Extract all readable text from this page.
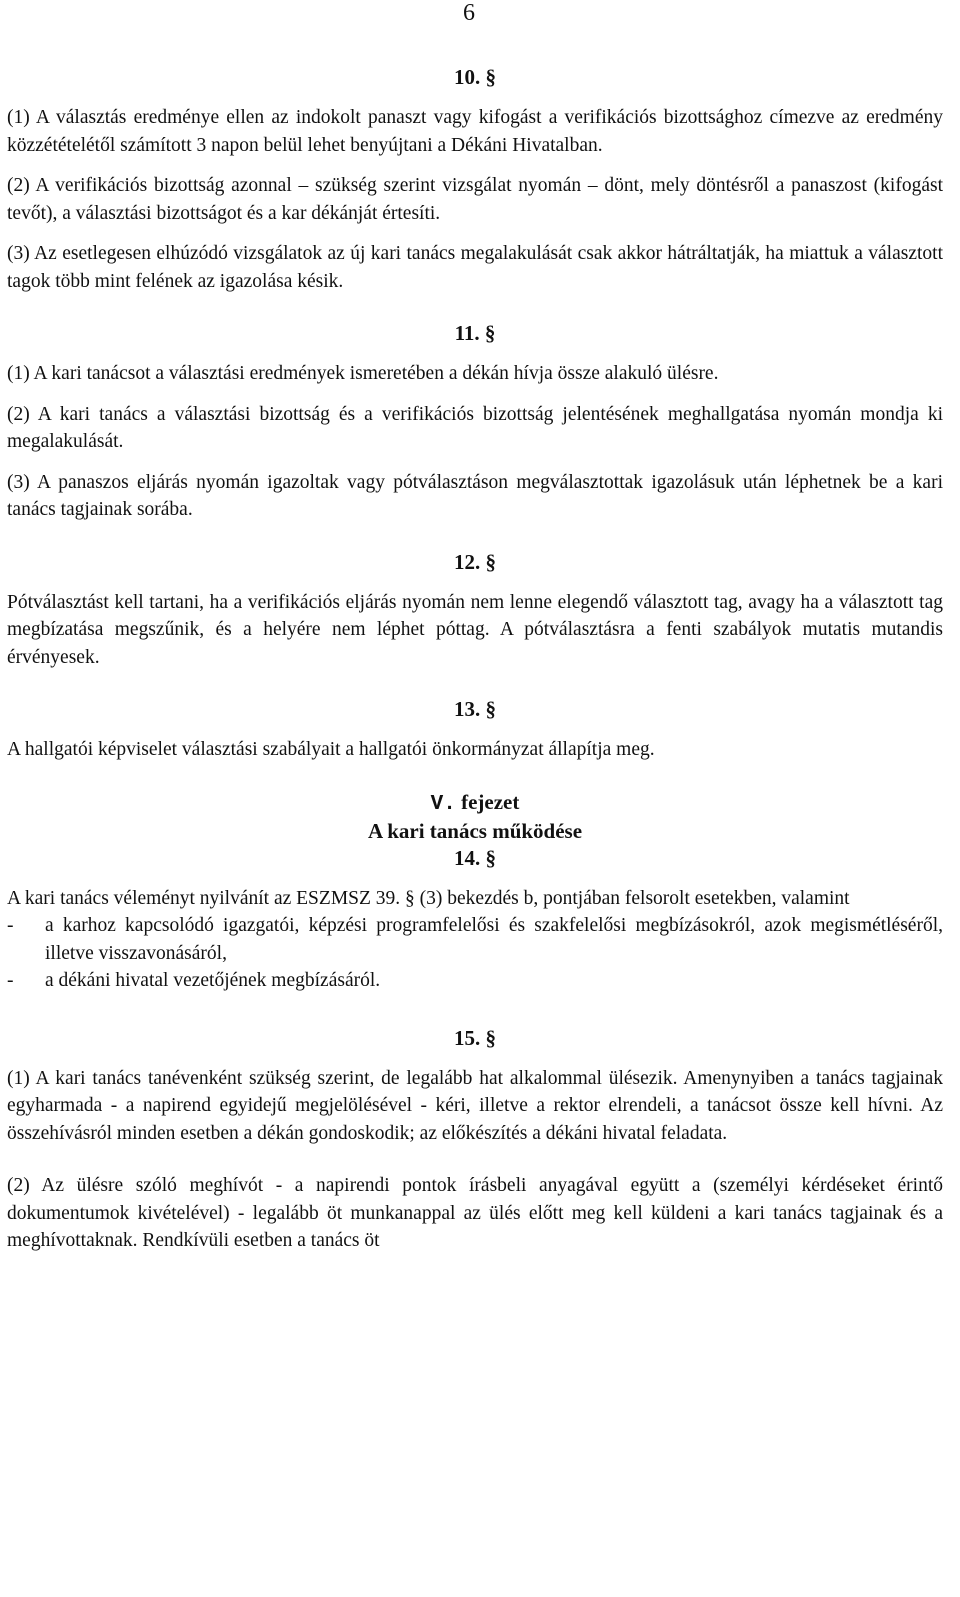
6
10. §

(1) A választás eredménye ellen az indokolt panaszt vagy kifogást a verifikációs bizottsághoz címezve az eredmény közzétételétől számított 3 napon belül lehet benyújtani a Dékáni Hivatalban.

(2) A verifikációs bizottság azonnal – szükség szerint vizsgálat nyomán – dönt, mely döntésről a panaszost (kifogást tevőt), a választási bizottságot és a kar dékánját értesíti.

(3) Az esetlegesen elhúzódó vizsgálatok az új kari tanács megalakulását csak akkor hátráltatják, ha miattuk a választott tagok több mint felének az igazolása késik.

11. §

(1) A kari tanácsot a választási eredmények ismeretében a dékán hívja össze alakuló ülésre.

(2) A kari tanács a választási bizottság és a verifikációs bizottság jelentésének meghallgatása nyomán mondja ki megalakulását.

(3) A panaszos eljárás nyomán igazoltak vagy pótválasztáson megválasztottak igazolásuk után léphetnek be a kari tanács tagjainak sorába.

12. §

Pótválasztást kell tartani, ha a verifikációs eljárás nyomán nem lenne elegendő választott tag, avagy ha a választott tag megbízatása megszűnik, és a helyére nem léphet póttag. A pótválasztásra a fenti szabályok mutatis mutandis érvényesek.

13. §

A hallgatói képviselet választási szabályait a hallgatói önkormányzat állapítja meg.

V. fejezet
A kari tanács működése
14. §

A kari tanács véleményt nyilvánít az ESZMSZ 39. § (3) bekezdés b, pontjában felsorolt esetekben, valamint

- a karhoz kapcsolódó igazgatói, képzési programfelelősi és szakfelelősi megbízásokról, azok megismétléséről, illetve visszavonásáról,
- a dékáni hivatal vezetőjének megbízásáról.
15. §

(1) A kari tanács tanévenként szükség szerint, de legalább hat alkalommal ülésezik. Amenynyiben a tanács tagjainak egyharmada - a napirend egyidejű megjelölésével - kéri, illetve a rektor elrendeli, a tanácsot össze kell hívni. Az összehívásról minden esetben a dékán gondoskodik; az előkészítés a dékáni hivatal feladata.

(2) Az ülésre szóló meghívót - a napirendi pontok írásbeli anyagával együtt a (személyi kérdéseket érintő dokumentumok kivételével) - legalább öt munkanappal az ülés előtt meg kell küldeni a kari tanács tagjainak és a meghívottaknak. Rendkívüli esetben a tanács öt
